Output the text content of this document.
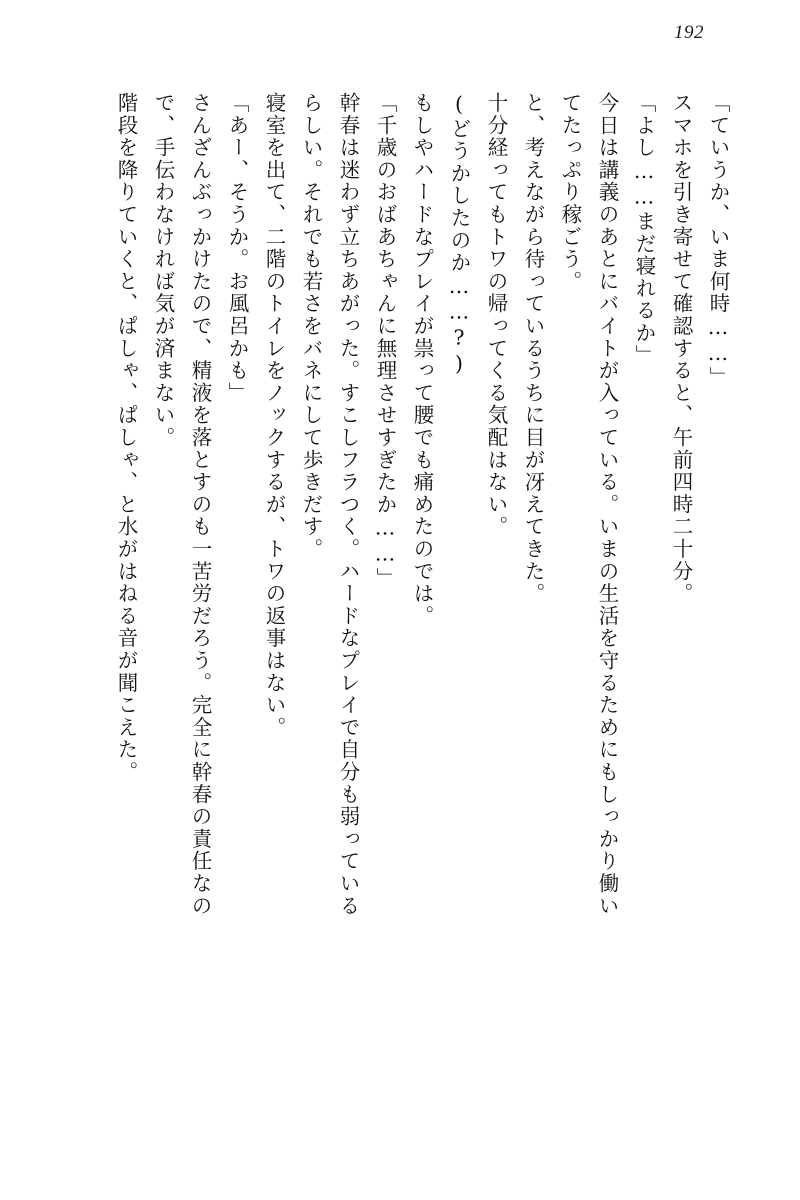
192
「ていうか、いま何時……」
スマホを引き寄せて確認すると、午前四時二十分。
「よし……まだ寝れるか」
今日は講義のあとにバイトが入っている。いまの生活を守るためにもしっかり働い
てたっぷり稼ごう。
と、考えながら待っているうちに目が冴えてきた。
十分経ってもトワの帰ってくる気配はない。
(どうかしたのか……?)
もしやハードなプレイが祟って腰でも痛めたのでは。
「千歳のおばあちゃんに無理させすぎたか……」
幹春は迷わず立ちあがった。すこしフラつく。ハードなプレイで自分も弱っている
らしい。それでも若さをバネにして歩きだす。
寝室を出て、二階のトイレをノックするが、トワの返事はない。
「あー、そうか。お風呂かも」
さんざんぶっかけたので、精液を落とすのも一苦労だろう。完全に幹春の責任なの
で、手伝わなければ気が済まない。
階段を降りていくと、ぱしゃ、ぱしゃ、と水がはねる音が聞こえた。
